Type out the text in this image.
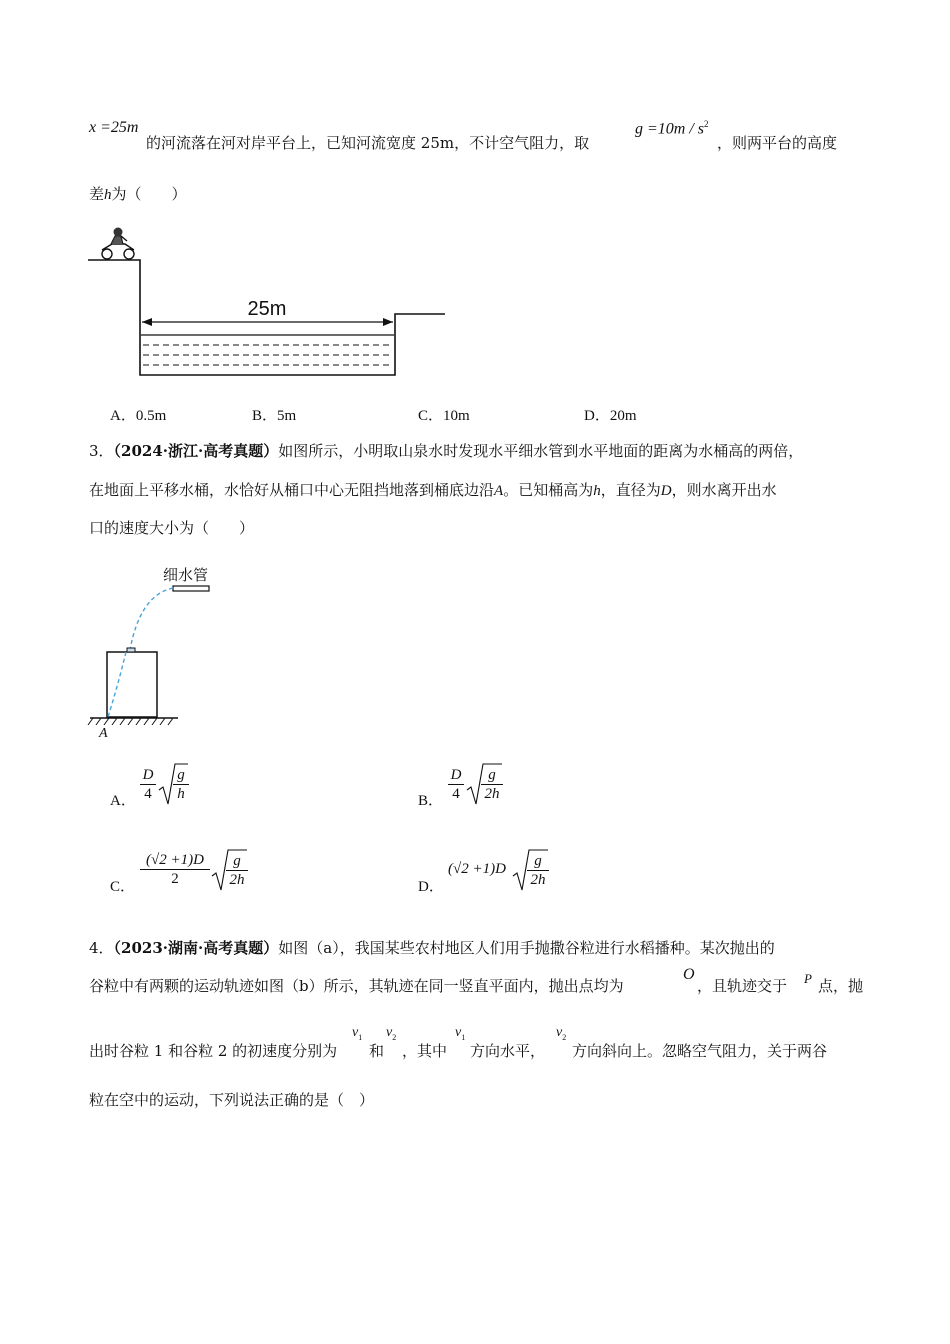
x =25m
的河流落在河对岸平台上，已知河流宽度 25m，不计空气阻力，取
$g =10m / s^2$
，则两平台的高度
差h为（　　）
25m
A．0.5m	B．5m	C．10m	D．20m
3．（2024·浙江·高考真题）如图所示，小明取山泉水时发现水平细水管到水平地面的距离为水桶高的两倍，
在地面上平移水桶，水恰好从桶口中心无阻挡地落到桶底边沿A。已知桶高为h，直径为D，则水离开出水
口的速度大小为（　　）
细水管
A
A． $\frac{D}{4} \frac{g}{h}$	B． $\frac{D}{4} \frac{g}{2h}$
C． $\frac{(√2 +1)D}{2} \frac{g}{2h}$	D．
$(√2 +1)D \frac{g}{2h}$
4．（2023·湖南·高考真题）如图（a），我国某些农村地区人们用手抛撒谷粒进行水稻播种。某次抛出的
谷粒中有两颗的运动轨迹如图（b）所示，其轨迹在同一竖直平面内，抛出点均为
O
，且轨迹交于 P 点，抛
出时谷粒 1 和谷粒 2 的初速度分别为
$v_1$
和
$v_2$
，其中
$v_1$
方向水平，
$v_2$
方向斜向上。忽略空气阻力，关于两谷
粒在空中的运动，下列说法正确的是（　）
